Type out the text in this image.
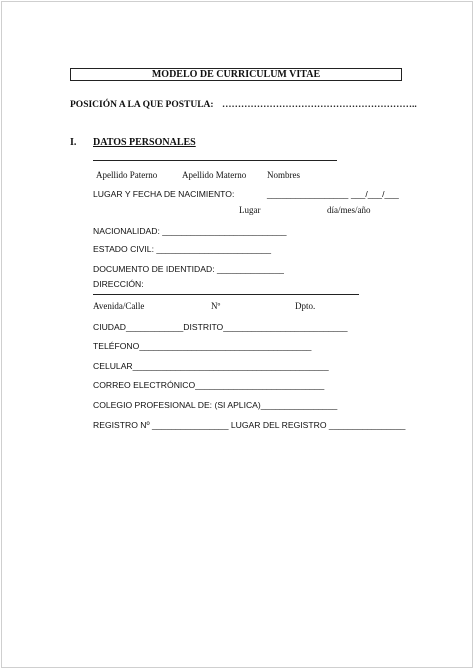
MODELO DE CURRICULUM VITAE
POSICIÓN A LA QUE POSTULA: ……………………………………………………..
I. DATOS PERSONALES
Apellido Paterno	Apellido Materno Nombres
LUGAR Y FECHA DE NACIMIENTO:	_________________ ___/___/___
Lugar	día/mes/año
NACIONALIDAD: __________________________
ESTADO CIVIL: ________________________
DOCUMENTO DE IDENTIDAD: ______________
DIRECCIÓN:
Avenida/Calle	Nº	Dpto.
CIUDAD____________DISTRITO__________________________
TELÉFONO____________________________________
CELULAR_________________________________________
CORREO ELECTRÓNICO___________________________
COLEGIO PROFESIONAL DE: (SI APLICA)________________
REGISTRO Nº ________________ LUGAR DEL REGISTRO ________________
